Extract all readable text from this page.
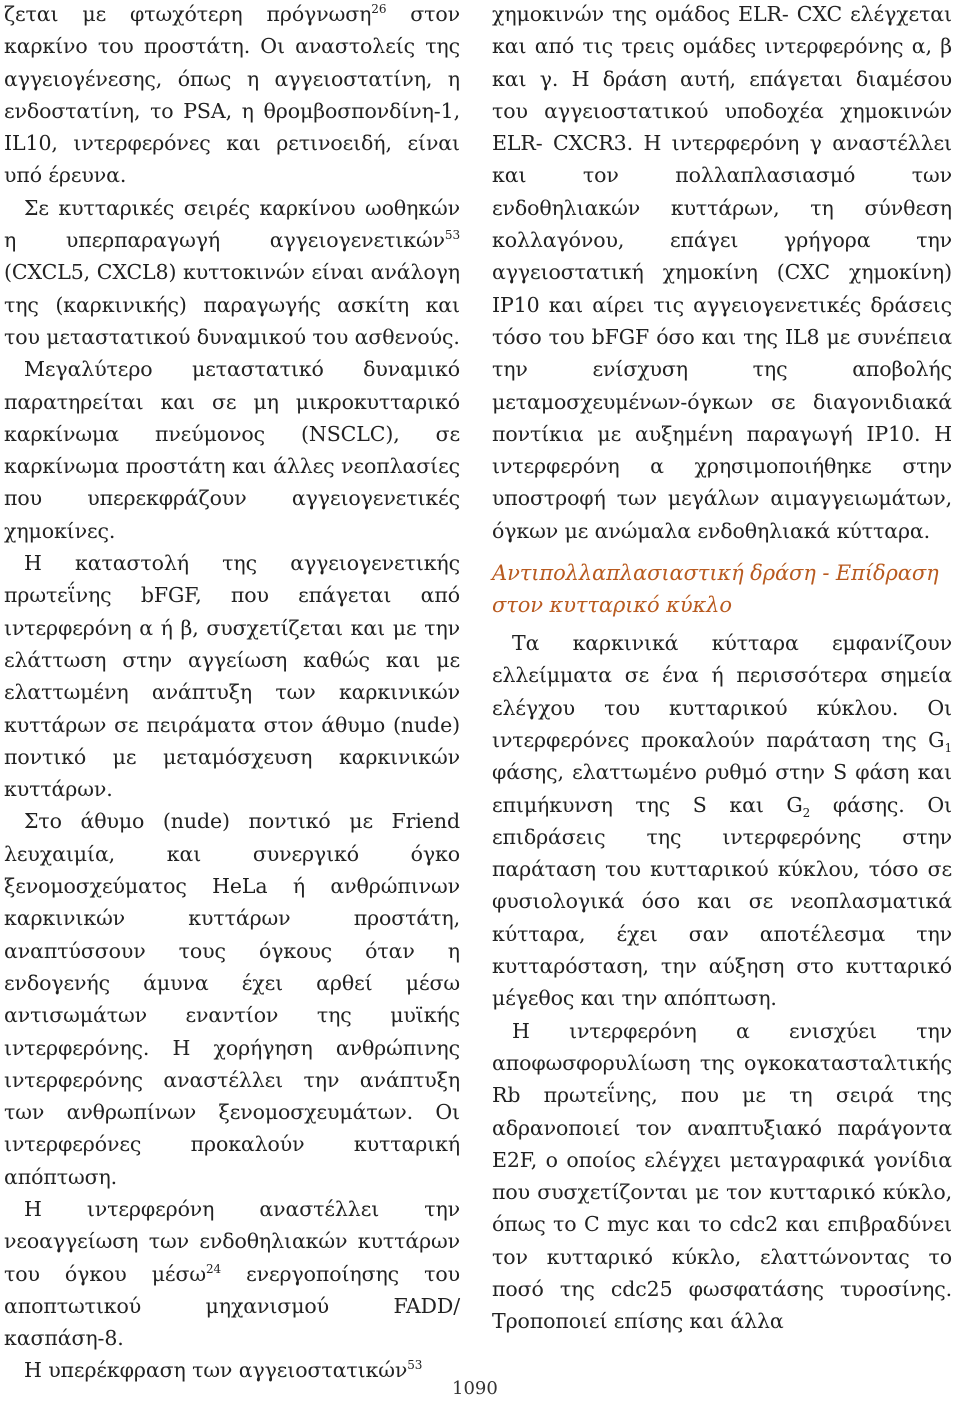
ζεται με φτωχότερη πρόγνωση$^{26}$ στον καρκίνο του προστάτη. Οι αναστολείς της αγγειογένεσης, όπως η αγγειοστατίνη, η ενδοστατίνη, το PSA, η θρομβοσπονδίνη-1, IL10, ιντερφερόνες και ρετινοειδή, είναι υπό έρευνα.

Σε κυτταρικές σειρές καρκίνου ωοθηκών η υπερπαραγωγή αγγειογενετικών$^{53}$ (CXCL5, CXCL8) κυττοκινών είναι ανάλογη της (καρκινικής) παραγωγής ασκίτη και του μεταστατικού δυναμικού του ασθενούς.

Μεγαλύτερο μεταστατικό δυναμικό παρατηρείται και σε μη μικροκυτταρικό καρκίνωμα πνεύμονος (NSCLC), σε καρκίνωμα προστάτη και άλλες νεοπλασίες που υπερεκφράζουν αγγειογενετικές χημοκίνες.

Η καταστολή της αγγειογενετικής πρωτεΐνης bFGF, που επάγεται από ιντερφερόνη α ή β, συσχετίζεται και με την ελάττωση στην αγγείωση καθώς και με ελαττωμένη ανάπτυξη των καρκινικών κυττάρων σε πειράματα στον άθυμο (nude) ποντικό με μεταμόσχευση καρκινικών κυττάρων.

Στο άθυμο (nude) ποντικό με Friend λευχαιμία, και συνεργικό όγκο ξενομοσχεύματος HeLa ή ανθρώπινων καρκινικών κυττάρων προστάτη, αναπτύσσουν τους όγκους όταν η ενδογενής άμυνα έχει αρθεί μέσω αντισωμάτων εναντίον της μυϊκής ιντερφερόνης. Η χορήγηση ανθρώπινης ιντερφερόνης αναστέλλει την ανάπτυξη των ανθρωπίνων ξενομοσχευμάτων. Οι ιντερφερόνες προκαλούν κυτταρική απόπτωση.

Η ιντερφερόνη αναστέλλει την νεοαγγείωση των ενδοθηλιακών κυττάρων του όγκου μέσω$^{24}$ ενεργοποίησης του αποπτωτικού μηχανισμού FADD/κασπάση-8.

Η υπερέκφραση των αγγειοστατικών$^{53}$

χημοκινών της ομάδος ELR- CXC ελέγχεται και από τις τρεις ομάδες ιντερφερόνης α, β και γ. Η δράση αυτή, επάγεται διαμέσου του αγγειοστατικού υποδοχέα χημοκινών ELR- CXCR3. Η ιντερφερόνη γ αναστέλλει και τον πολλαπλασιασμό των ενδοθηλιακών κυττάρων, τη σύνθεση κολλαγόνου, επάγει γρήγορα την αγγειοστατική χημοκίνη (CXC χημοκίνη) IP10 και αίρει τις αγγειογενετικές δράσεις τόσο του bFGF όσο και της IL8 με συνέπεια την ενίσχυση της αποβολής μεταμοσχευμένων-όγκων σε διαγονιδιακά ποντίκια με αυξημένη παραγωγή IP10. Η ιντερφερόνη α χρησιμοποιήθηκε στην υποστροφή των μεγάλων αιμαγγειωμάτων, όγκων με ανώμαλα ενδοθηλιακά κύτταρα.

Αντιπολλαπλασιαστική δράση - Επίδραση στον κυτταρικό κύκλο

Τα καρκινικά κύτταρα εμφανίζουν ελλείμματα σε ένα ή περισσότερα σημεία ελέγχου του κυτταρικού κύκλου. Οι ιντερφερόνες προκαλούν παράταση της $G_1$ φάσης, ελαττωμένο ρυθμό στην S φάση και επιμήκυνση της S και $G_2$ φάσης. Οι επιδράσεις της ιντερφερόνης στην παράταση του κυτταρικού κύκλου, τόσο σε φυσιολογικά όσο και σε νεοπλασματικά κύτταρα, έχει σαν αποτέλεσμα την κυτταρόσταση, την αύξηση στο κυτταρικό μέγεθος και την απόπτωση.

Η ιντερφερόνη α ενισχύει την αποφωσφορυλίωση της ογκοκατασταλτικής Rb πρωτεΐνης, που με τη σειρά της αδρανοποιεί τον αναπτυξιακό παράγοντα E2F, ο οποίος ελέγχει μεταγραφικά γονίδια που συσχετίζονται με τον κυτταρικό κύκλο, όπως το C myc και το cdc2 και επιβραδύνει τον κυτταρικό κύκλο, ελαττώνοντας το ποσό της cdc25 φωσφατάσης τυροσίνης. Τροποποιεί επίσης και άλλα

1090
